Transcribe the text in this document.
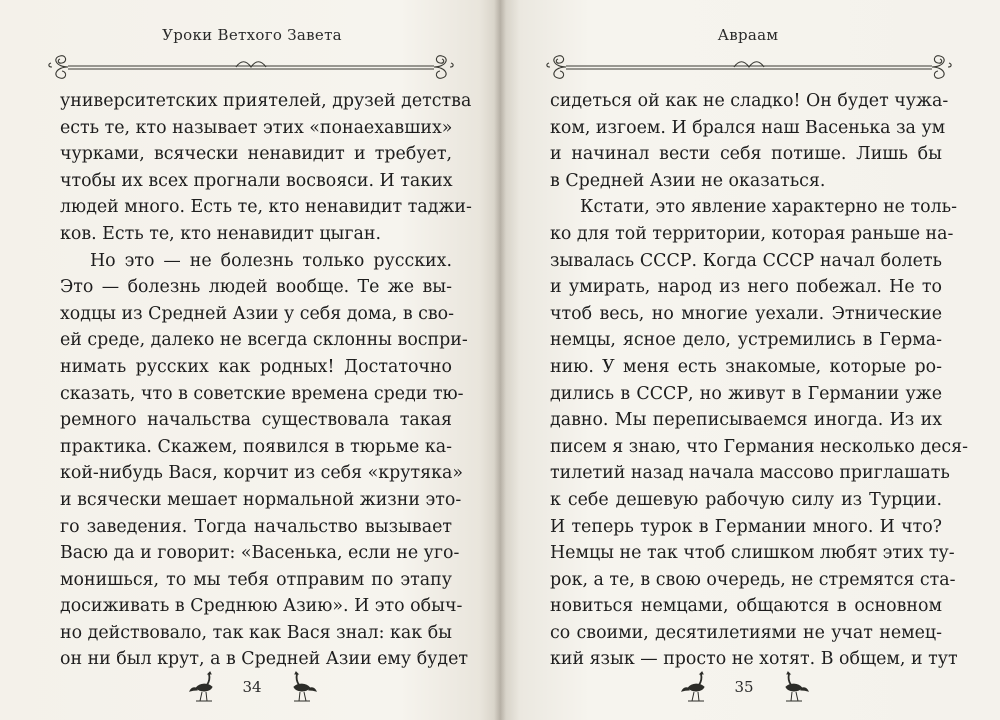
Уроки Ветхого Завета
университетских приятелей, друзей детства
есть те, кто называет этих «понаехавших»
чурками, всячески ненавидит и требует,
чтобы их всех прогнали восвояси. И таких
людей много. Есть те, кто ненавидит таджи-
ков. Есть те, кто ненавидит цыган.
Но это — не болезнь только русских.
Это — болезнь людей вообще. Те же вы-
ходцы из Средней Азии у себя дома, в сво-
ей среде, далеко не всегда склонны воспри-
нимать русских как родных! Достаточно
сказать, что в советские времена среди тю-
ремного начальства существовала такая
практика. Скажем, появился в тюрьме ка-
кой-нибудь Вася, корчит из себя «крутяка»
и всячески мешает нормальной жизни это-
го заведения. Тогда начальство вызывает
Васю да и говорит: «Васенька, если не уго-
монишься, то мы тебя отправим по этапу
досиживать в Среднюю Азию». И это обыч-
но действовало, так как Вася знал: как бы
он ни был крут, а в Средней Азии ему будет
34
Авраам
сидеться ой как не сладко! Он будет чужа-
ком, изгоем. И брался наш Васенька за ум
и начинал вести себя потише. Лишь бы
в Средней Азии не оказаться.
Кстати, это явление характерно не толь-
ко для той территории, которая раньше на-
зывалась СССР. Когда СССР начал болеть
и умирать, народ из него побежал. Не то
чтоб весь, но многие уехали. Этнические
немцы, ясное дело, устремились в Герма-
нию. У меня есть знакомые, которые ро-
дились в СССР, но живут в Германии уже
давно. Мы переписываемся иногда. Из их
писем я знаю, что Германия несколько деся-
тилетий назад начала массово приглашать
к себе дешевую рабочую силу из Турции.
И теперь турок в Германии много. И что?
Немцы не так чтоб слишком любят этих ту-
рок, а те, в свою очередь, не стремятся ста-
новиться немцами, общаются в основном
со своими, десятилетиями не учат немец-
кий язык — просто не хотят. В общем, и тут
35
